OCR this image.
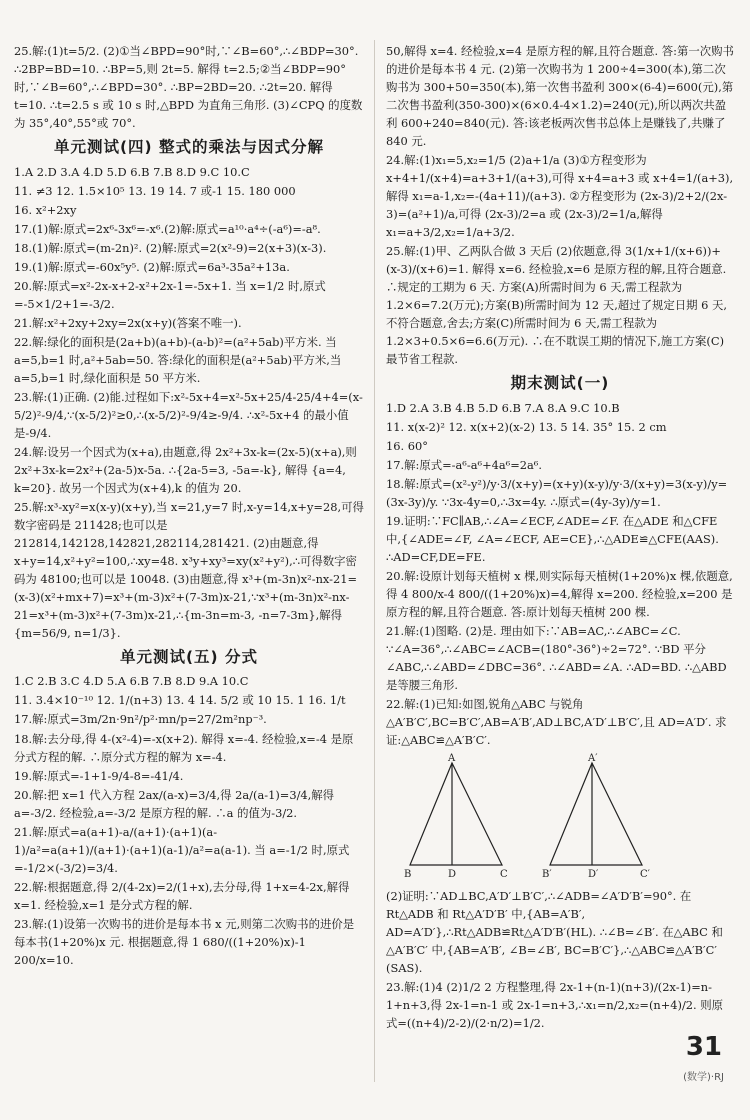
25.解:(1)t=5/2. (2)①当∠BPD=90°时,∵∠B=60°,∴∠BDP=30°. ∴2BP=BD=10. ∴BP=5,则 2t=5. 解得 t=2.5;②当∠BDP=90°时,∵∠B=60°,∴∠BPD=30°. ∴BP=2BD=20. ∴2t=20. 解得 t=10. ∴t=2.5 s 或 10 s 时,△BPD 为直角三角形. (3)∠CPQ 的度数为 35°,40°,55°或 70°.
单元测试(四) 整式的乘法与因式分解
1.A 2.D 3.A 4.D 5.D 6.B 7.B 8.D 9.C 10.C
11. ≠3 12. 1.5×10⁵ 13. 19 14. 7 或-1 15. 180 000
16. x²+2xy
17.(1)解:原式=2x⁶-3x⁶=-x⁶.(2)解:原式=a¹⁰·a⁴÷(-a⁶)=-a⁸.
18.(1)解:原式=(m-2n)². (2)解:原式=2(x²-9)=2(x+3)(x-3).
19.(1)解:原式=-60x⁵y⁵. (2)解:原式=6a³-35a²+13a.
20.解:原式=x²-2x-x+2-x²+2x-1=-5x+1. 当 x=1/2 时,原式=-5×1/2+1=-3/2.
21.解:x²+2xy+2xy=2x(x+y)(答案不唯一).
22.解:绿化的面积是(2a+b)(a+b)-(a-b)²=(a²+5ab)平方米. 当 a=5,b=1 时,a²+5ab=50. 答:绿化的面积是(a²+5ab)平方米,当 a=5,b=1 时,绿化面积是 50 平方米.
23.解:(1)正确. (2)能.过程如下:x²-5x+4=x²-5x+25/4-25/4+4=(x-5/2)²-9/4,∵(x-5/2)²≥0,∴(x-5/2)²-9/4≥-9/4. ∴x²-5x+4 的最小值是-9/4.
24.解:设另一个因式为(x+a),由题意,得 2x²+3x-k=(2x-5)(x+a),则 2x²+3x-k=2x²+(2a-5)x-5a. ∴{2a-5=3, -5a=-k}, 解得 {a=4, k=20}. 故另一个因式为(x+4),k 的值为 20.
25.解:x³-xy²=x(x-y)(x+y),当 x=21,y=7 时,x-y=14,x+y=28,可得数字密码是 211428;也可以是 212814,142128,142821,282114,281421. (2)由题意,得 x+y=14,x²+y²=100,∴xy=48. x³y+xy³=xy(x²+y²),∴可得数字密码为 48100;也可以是 10048. (3)由题意,得 x³+(m-3n)x²-nx-21=(x-3)(x²+mx+7)=x³+(m-3)x²+(7-3m)x-21,∵x³+(m-3n)x²-nx-21=x³+(m-3)x²+(7-3m)x-21,∴{m-3n=m-3, -n=7-3m},解得 {m=56/9, n=1/3}.
单元测试(五) 分式
1.C 2.B 3.C 4.D 5.A 6.B 7.B 8.D 9.A 10.C
11. 3.4×10⁻¹⁰ 12. 1/(n+3) 13. 4 14. 5/2 或 10 15. 1 16. 1/t
17.解:原式=3m/2n·9n²/p²·mn/p=27/2m²np⁻³.
18.解:去分母,得 4-(x²-4)=-x(x+2). 解得 x=-4. 经检验,x=-4 是原分式方程的解. ∴原分式方程的解为 x=-4.
19.解:原式=-1+1-9/4-8=-41/4.
20.解:把 x=1 代入方程 2ax/(a-x)=3/4,得 2a/(a-1)=3/4,解得 a=-3/2. 经检验,a=-3/2 是原方程的解. ∴a 的值为-3/2.
21.解:原式=a(a+1)-a/(a+1)·(a+1)(a-1)/a²=a(a+1)/(a+1)·(a+1)(a-1)/a²=a(a-1). 当 a=-1/2 时,原式=-1/2×(-3/2)=3/4.
22.解:根据题意,得 2/(4-2x)=2/(1+x),去分母,得 1+x=4-2x,解得 x=1. 经检验,x=1 是分式方程的解.
23.解:(1)设第一次购书的进价是每本书 x 元,则第二次购书的进价是每本书(1+20%)x 元. 根据题意,得 1 680/((1+20%)x)-1 200/x=10.
50,解得 x=4. 经检验,x=4 是原方程的解,且符合题意. 答:第一次购书的进价是每本书 4 元. (2)第一次购书为 1 200÷4=300(本),第二次购书为 300+50=350(本),第一次售书盈利 300×(6-4)=600(元),第二次售书盈利(350-300)×(6×0.4-4×1.2)=240(元),所以两次共盈利 600+240=840(元). 答:该老板两次售书总体上是赚钱了,共赚了 840 元.
24.解:(1)x₁=5,x₂=1/5 (2)a+1/a (3)①方程变形为 x+4+1/(x+4)=a+3+1/(a+3),可得 x+4=a+3 或 x+4=1/(a+3),解得 x₁=a-1,x₂=-(4a+11)/(a+3). ②方程变形为 (2x-3)/2+2/(2x-3)=(a²+1)/a,可得 (2x-3)/2=a 或 (2x-3)/2=1/a,解得 x₁=a+3/2,x₂=1/a+3/2.
25.解:(1)甲、乙两队合做 3 天后 (2)依题意,得 3(1/x+1/(x+6))+(x-3)/(x+6)=1. 解得 x=6. 经检验,x=6 是原方程的解,且符合题意. ∴规定的工期为 6 天. 方案(A)所需时间为 6 天,需工程款为 1.2×6=7.2(万元);方案(B)所需时间为 12 天,超过了规定日期 6 天,不符合题意,舍去;方案(C)所需时间为 6 天,需工程款为 1.2×3+0.5×6=6.6(万元). ∴在不耽误工期的情况下,施工方案(C)最节省工程款.
期末测试(一)
1.D 2.A 3.B 4.B 5.D 6.B 7.A 8.A 9.C 10.B
11. x(x-2)² 12. x(x+2)(x-2) 13. 5 14. 35° 15. 2 cm
16. 60°
17.解:原式=-a⁶-a⁶+4a⁶=2a⁶.
18.解:原式=(x²-y²)/y·3/(x+y)=(x+y)(x-y)/y·3/(x+y)=3(x-y)/y=(3x-3y)/y. ∵3x-4y=0,∴3x=4y. ∴原式=(4y-3y)/y=1.
19.证明:∵FC∥AB,∴∠A=∠ECF,∠ADE=∠F. 在△ADE 和△CFE 中,{∠ADE=∠F, ∠A=∠ECF, AE=CE},∴△ADE≌△CFE(AAS). ∴AD=CF,DE=FE.
20.解:设原计划每天植树 x 棵,则实际每天植树(1+20%)x 棵,依题意,得 4 800/x-4 800/((1+20%)x)=4,解得 x=200. 经检验,x=200 是原方程的解,且符合题意. 答:原计划每天植树 200 棵.
21.解:(1)图略. (2)是. 理由如下:∵AB=AC,∴∠ABC=∠C. ∵∠A=36°,∴∠ABC=∠ACB=(180°-36°)÷2=72°. ∵BD 平分∠ABC,∴∠ABD=∠DBC=36°. ∴∠ABD=∠A. ∴AD=BD. ∴△ABD 是等腰三角形.
22.解:(1)已知:如图,锐角△ABC 与锐角△A′B′C′,BC=B′C′,AB=A′B′,AD⊥BC,A′D′⊥B′C′,且 AD=A′D′. 求证:△ABC≌△A′B′C′.
A
B	D	C
A′
B′	D′	C′
(2)证明:∵AD⊥BC,A′D′⊥B′C′,∴∠ADB=∠A′D′B′=90°. 在 Rt△ADB 和 Rt△A′D′B′ 中,{AB=A′B′, AD=A′D′},∴Rt△ADB≌Rt△A′D′B′(HL). ∴∠B=∠B′. 在△ABC 和△A′B′C′ 中,{AB=A′B′, ∠B=∠B′, BC=B′C′},∴△ABC≌△A′B′C′(SAS).
23.解:(1)4 (2)1/2 2 方程整理,得 2x-1+(n-1)(n+3)/(2x-1)=n-1+n+3,得 2x-1=n-1 或 2x-1=n+3,∴x₁=n/2,x₂=(n+4)/2. 则原式=((n+4)/2-2)/(2·n/2)=1/2.
31
(数学)·RJ
